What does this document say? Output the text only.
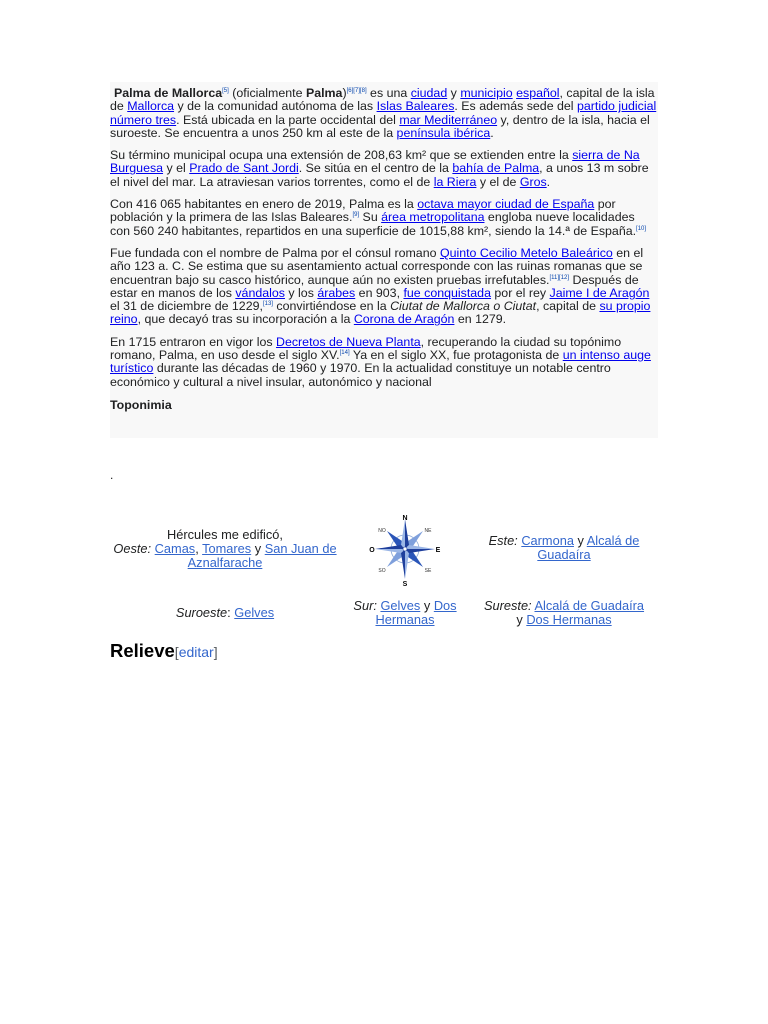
Palma de Mallorca[5] (oficialmente Palma)[6][7][8] es una ciudad y municipio español, capital de la isla de Mallorca y de la comunidad autónoma de las Islas Baleares. Es además sede del partido judicial número tres. Está ubicada en la parte occidental del mar Mediterráneo y, dentro de la isla, hacia el suroeste. Se encuentra a unos 250 km al este de la península ibérica.

Su término municipal ocupa una extensión de 208,63 km² que se extienden entre la sierra de Na Burguesa y el Prado de Sant Jordi. Se sitúa en el centro de la bahía de Palma, a unos 13 m sobre el nivel del mar. La atraviesan varios torrentes, como el de la Riera y el de Gros.

Con 416 065 habitantes en enero de 2019, Palma es la octava mayor ciudad de España por población y la primera de las Islas Baleares.[9] Su área metropolitana engloba nueve localidades con 560 240 habitantes, repartidos en una superficie de 1015,88 km², siendo la 14.ª de España.[10]

Fue fundada con el nombre de Palma por el cónsul romano Quinto Cecilio Metelo Baleárico en el año 123 a. C. Se estima que su asentamiento actual corresponde con las ruinas romanas que se encuentran bajo su casco histórico, aunque aún no existen pruebas irrefutables.[11][12] Después de estar en manos de los vándalos y los árabes en 903, fue conquistada por el rey Jaime I de Aragón el 31 de diciembre de 1229,[13] convirtiéndose en la Ciutat de Mallorca o Ciutat, capital de su propio reino, que decayó tras su incorporación a la Corona de Aragón en 1279.

En 1715 entraron en vigor los Decretos de Nueva Planta, recuperando la ciudad su topónimo romano, Palma, en uso desde el siglo XV.[14] Ya en el siglo XX, fue protagonista de un intenso auge turístico durante las décadas de 1960 y 1970. En la actualidad constituye un notable centro económico y cultural a nivel insular, autonómico y nacional

Toponimia
.
Hércules me edificó,
Oeste: Camas, Tomares y San Juan de Aznalfarache
N
S
E
O
NE
NO
SE
SO
Este: Carmona y Alcalá de Guadaíra
Suroeste: Gelves	Sur: Gelves y Dos Hermanas
Sureste: Alcalá de Guadaíra y Dos Hermanas
Relieve[editar]
